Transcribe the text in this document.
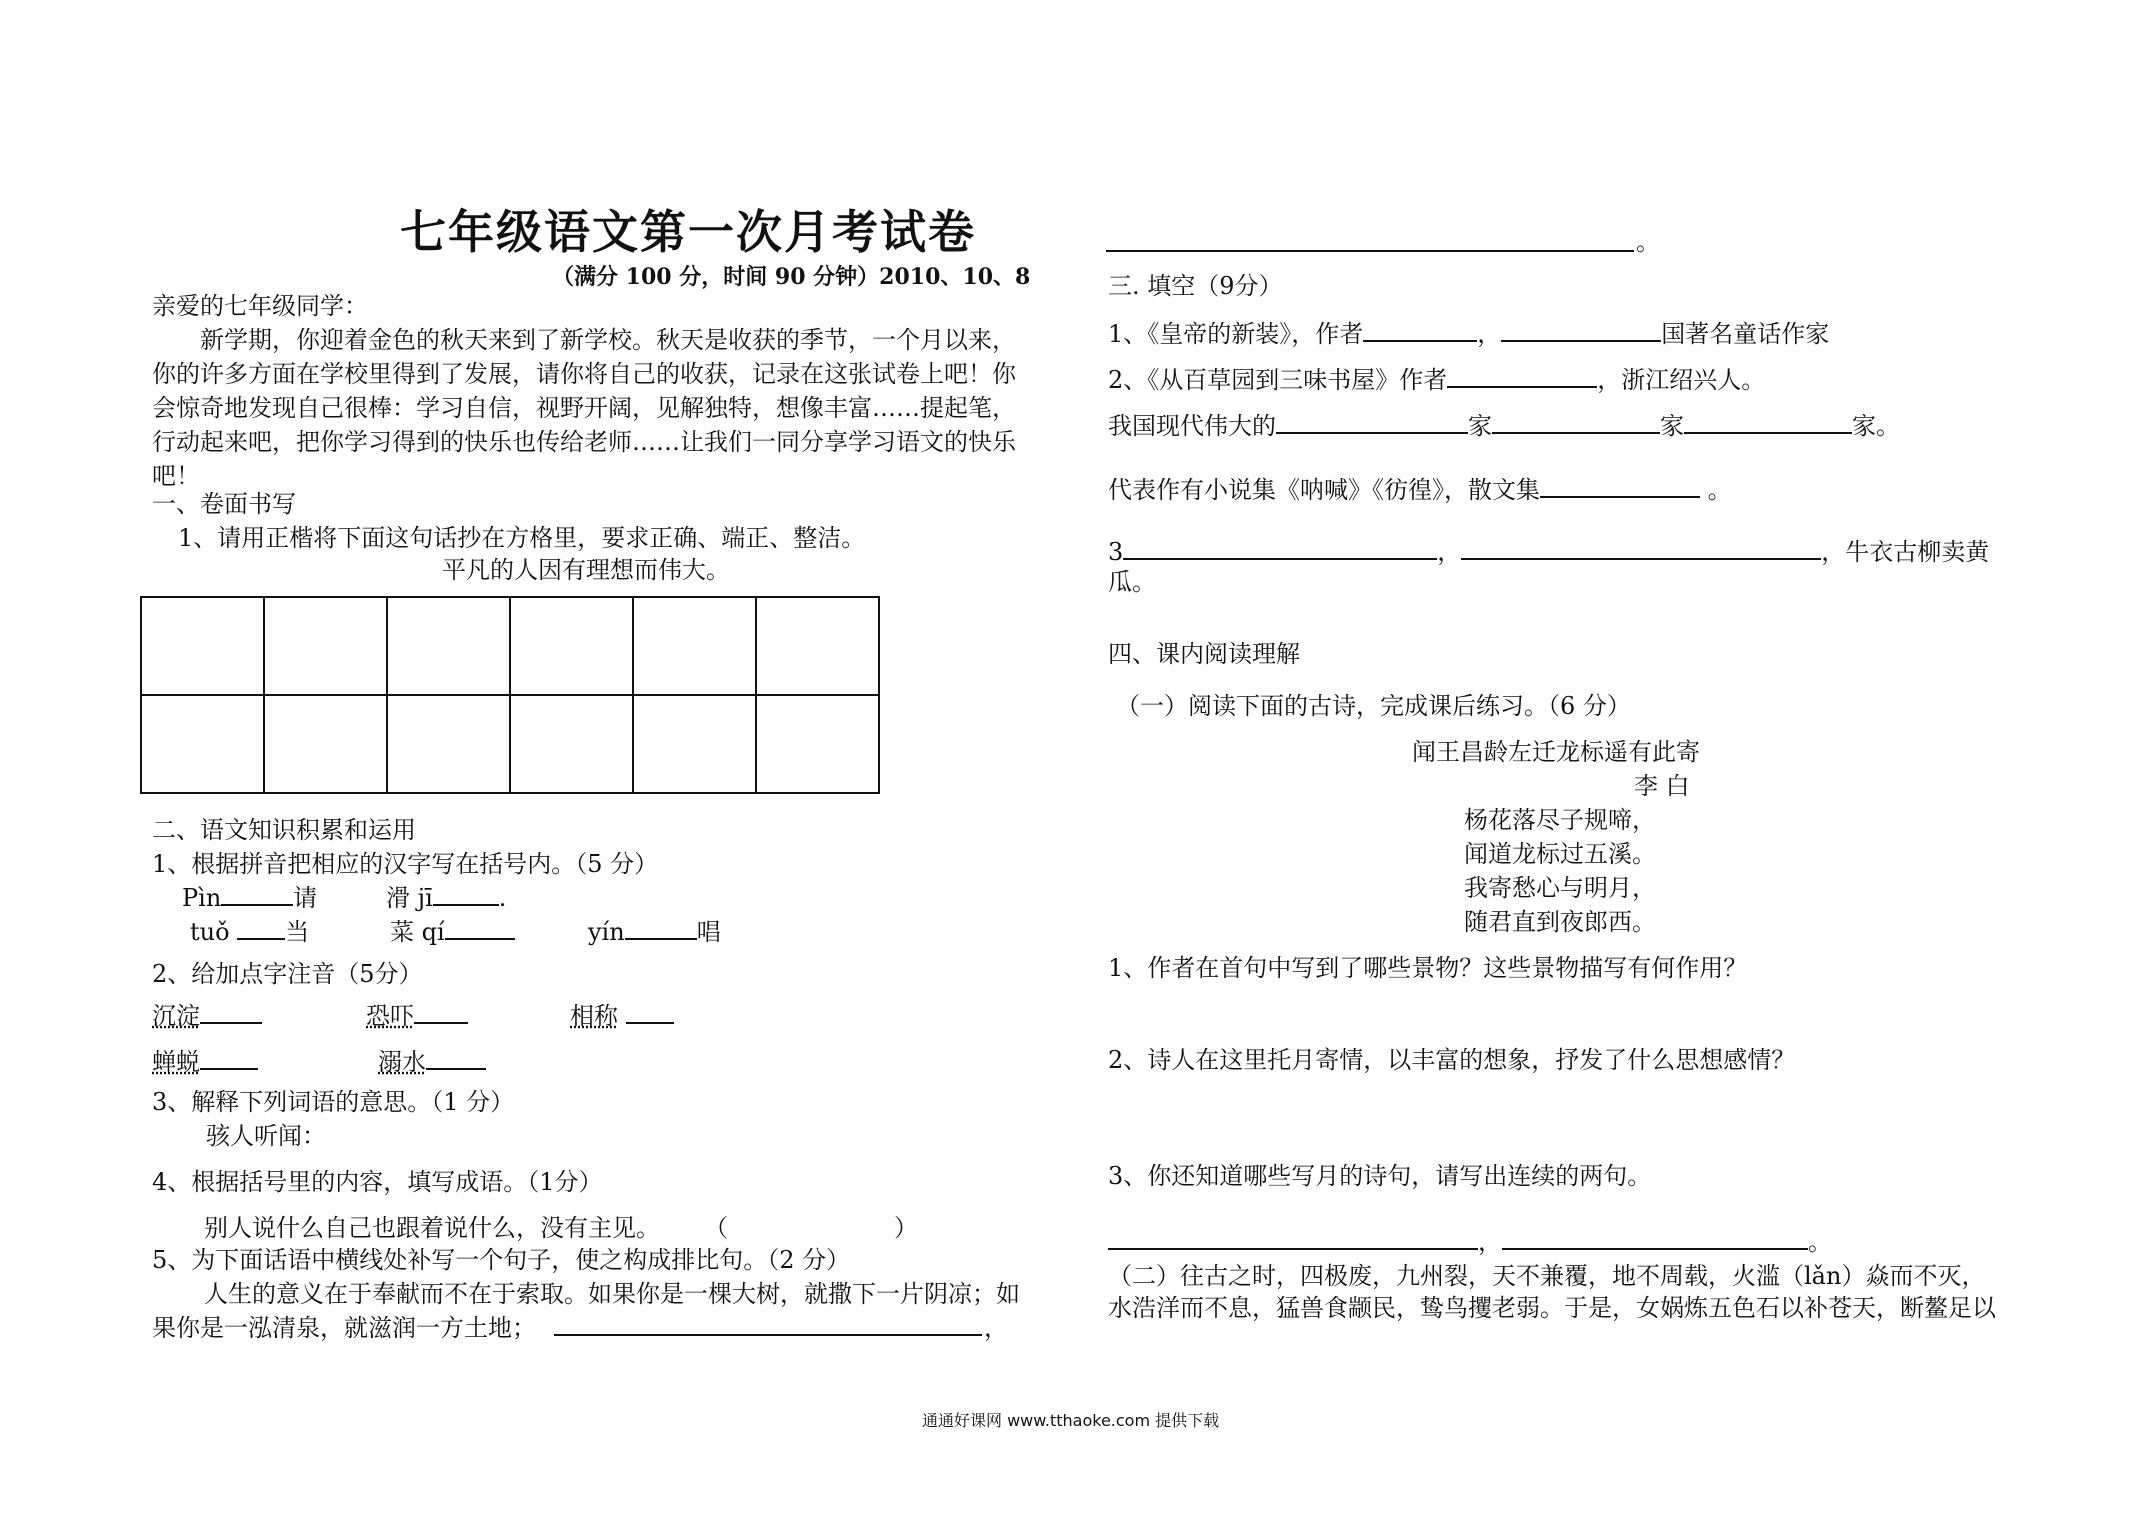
七年级语文第一次月考试卷
（满分 100 分，时间 90 分钟）2010、10、8
亲爱的七年级同学：
新学期，你迎着金色的秋天来到了新学校。秋天是收获的季节，一个月以来，
你的许多方面在学校里得到了发展，请你将自己的收获，记录在这张试卷上吧！你
会惊奇地发现自己很棒：学习自信，视野开阔，见解独特，想像丰富……提起笔，
行动起来吧，把你学习得到的快乐也传给老师……让我们一同分享学习语文的快乐
吧！
一、卷面书写
1、请用正楷将下面这句话抄在方格里，要求正确、端正、整洁。
平凡的人因有理想而伟大。

二、语文知识积累和运用
1、根据拼音把相应的汉字写在括号内。（5 分）
Pìn	请	滑 jī	.
tuǒ 当	菜 qí	yín	唱
2、给加点字注音（5分）
沉淀	恐吓	相称
蝉蜕	溺水
3、解释下列词语的意思。（1 分）
骇人听闻：
4、根据括号里的内容，填写成语。（1分）
别人说什么自己也跟着说什么，没有主见。 （	）
5、为下面话语中横线处补写一个句子，使之构成排比句。（2 分）
人生的意义在于奉献而不在于索取。如果你是一棵大树，就撒下一片阴凉；如
果你是一泓清泉，就滋润一方土地；	，
。
三. 填空（9分）
1、《皇帝的新装》，作者	，	国著名童话作家
2、《从百草园到三味书屋》作者	，浙江绍兴人。
我国现代伟大的	家	家	家。
代表作有小说集《呐喊》《彷徨》，散文集	。
3	，	，牛衣古柳卖黄
瓜。
四、课内阅读理解
（一）阅读下面的古诗，完成课后练习。（6 分）
闻王昌龄左迁龙标遥有此寄
李 白
杨花落尽子规啼，
闻道龙标过五溪。
我寄愁心与明月，
随君直到夜郎西。
1、作者在首句中写到了哪些景物？这些景物描写有何作用？
2、诗人在这里托月寄情，以丰富的想象，抒发了什么思想感情？
3、你还知道哪些写月的诗句，请写出连续的两句。
，	。
（二）往古之时，四极废，九州裂，天不兼覆，地不周载，火滥（lǎn）焱而不灭，
水浩洋而不息，猛兽食颛民，鸷鸟攫老弱。于是，女娲炼五色石以补苍天，断鳌足以
通通好课网 www.tthaoke.com 提供下载
